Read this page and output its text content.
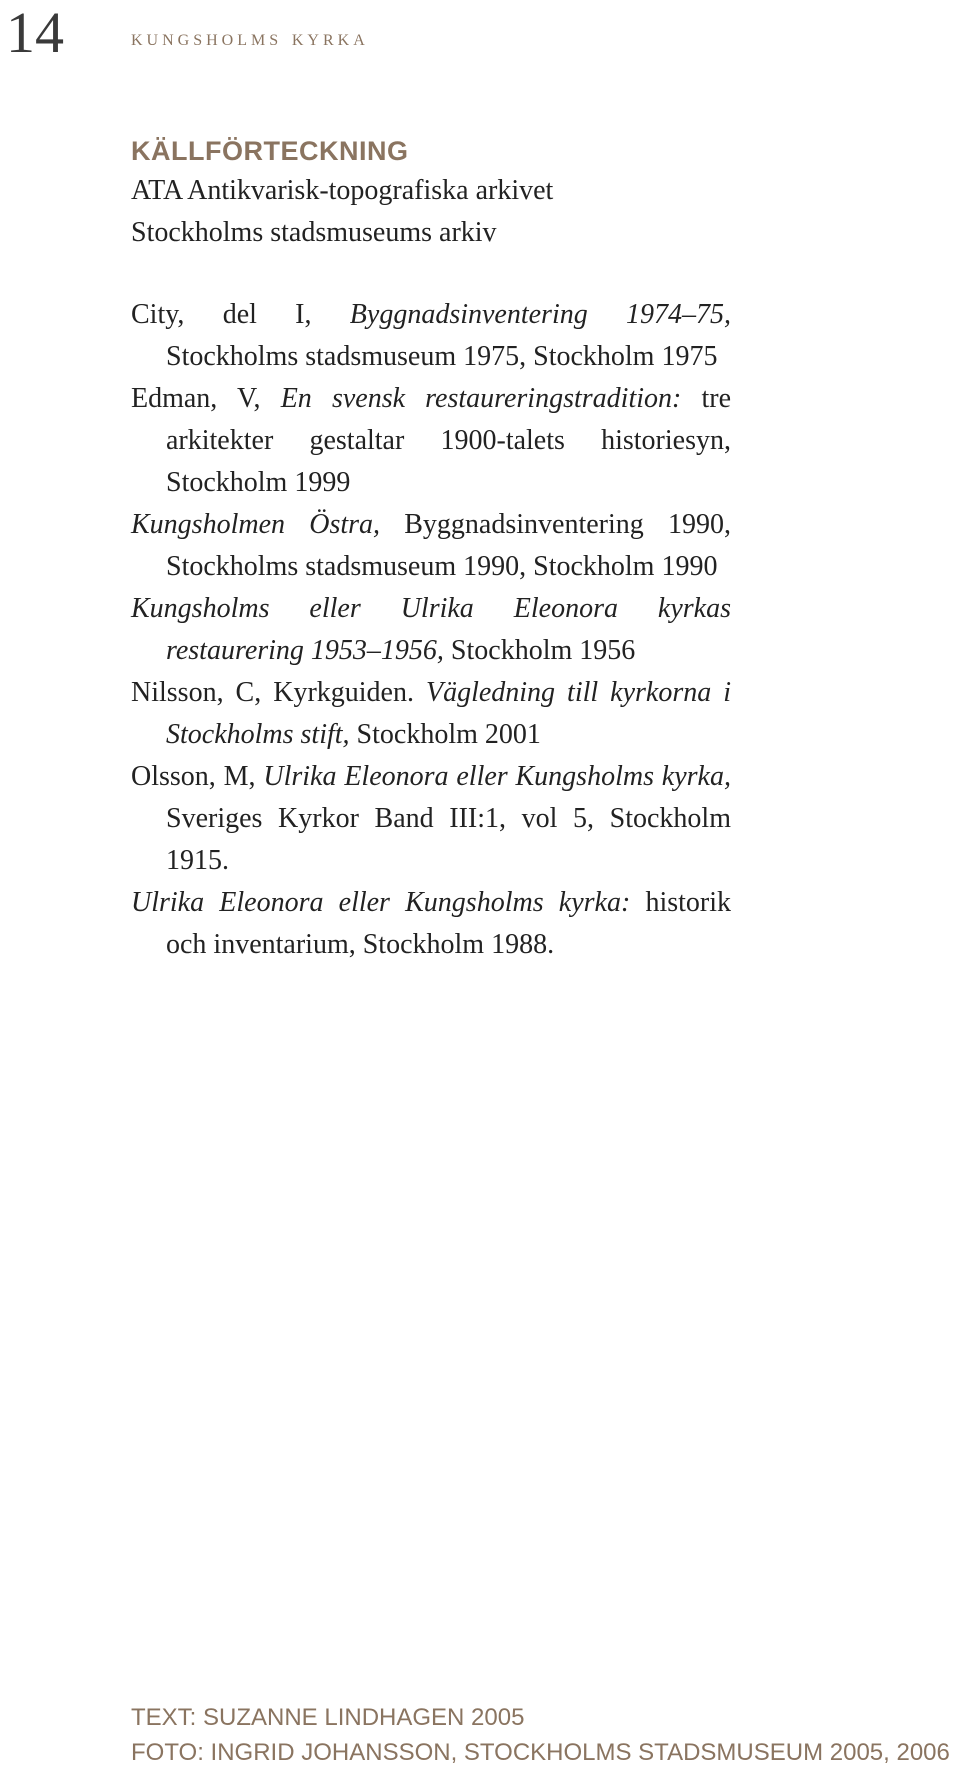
14	kungsholms kyrka
KÄLLFÖRTECKNING
ATA Antikvarisk-topografiska arkivet
Stockholms stadsmuseums arkiv
City, del I, Byggnadsinventering 1974–75, Stockholms stadsmuseum 1975, Stockholm 1975
Edman, V, En svensk restaureringstradition: tre arkitekter gestaltar 1900-talets historiesyn, Stockholm 1999
Kungsholmen Östra, Byggnadsinventering 1990, Stockholms stadsmuseum 1990, Stockholm 1990
Kungsholms eller Ulrika Eleonora kyrkas restaurering 1953–1956, Stockholm 1956
Nilsson, C, Kyrkguiden. Vägledning till kyrkorna i Stockholms stift, Stockholm 2001
Olsson, M, Ulrika Eleonora eller Kungsholms kyrka, Sveriges Kyrkor Band III:1, vol 5, Stockholm 1915.
Ulrika Eleonora eller Kungsholms kyrka: historik och inventarium, Stockholm 1988.
TEXT: SUZANNE LINDHAGEN 2005
FOTO: INGRID JOHANSSON, STOCKHOLMS STADSMUSEUM 2005, 2006
